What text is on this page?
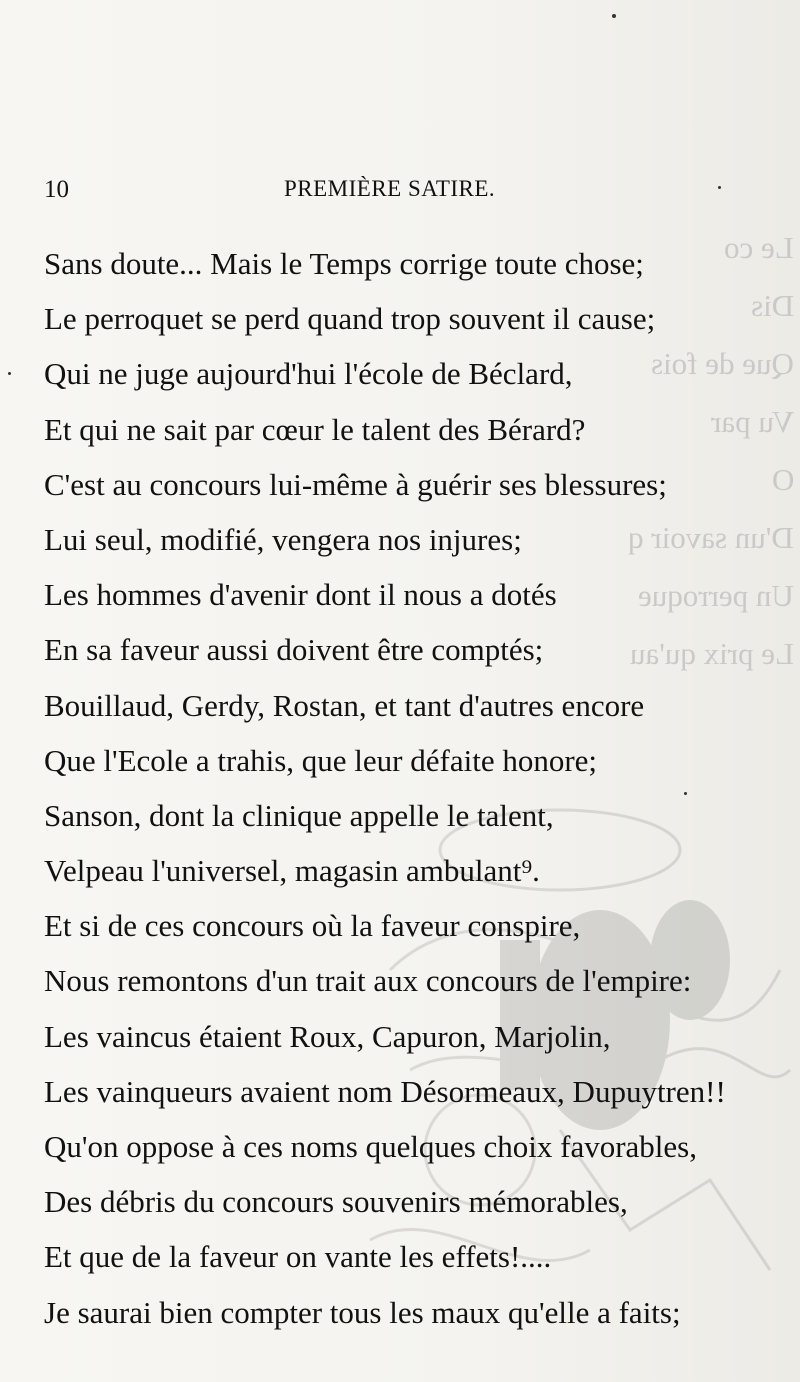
Le co
Dis
Que de fois
Vu par
O
D'un savoir q
Un perroque
Le prix qu'au
10	PREMIÈRE SATIRE.
Sans doute... Mais le Temps corrige toute chose;
Le perroquet se perd quand trop souvent il cause;
Qui ne juge aujourd'hui l'école de Béclard,
Et qui ne sait par cœur le talent des Bérard?
C'est au concours lui-même à guérir ses blessures;
Lui seul, modifié, vengera nos injures;
Les hommes d'avenir dont il nous a dotés
En sa faveur aussi doivent être comptés;
Bouillaud, Gerdy, Rostan, et tant d'autres encore
Que l'Ecole a trahis, que leur défaite honore;
Sanson, dont la clinique appelle le talent,
Velpeau l'universel, magasin ambulant⁹.
Et si de ces concours où la faveur conspire,
Nous remontons d'un trait aux concours de l'empire:
Les vaincus étaient Roux, Capuron, Marjolin,
Les vainqueurs avaient nom Désormeaux, Dupuytren!!
Qu'on oppose à ces noms quelques choix favorables,
Des débris du concours souvenirs mémorables,
Et que de la faveur on vante les effets!....
Je saurai bien compter tous les maux qu'elle a faits;
